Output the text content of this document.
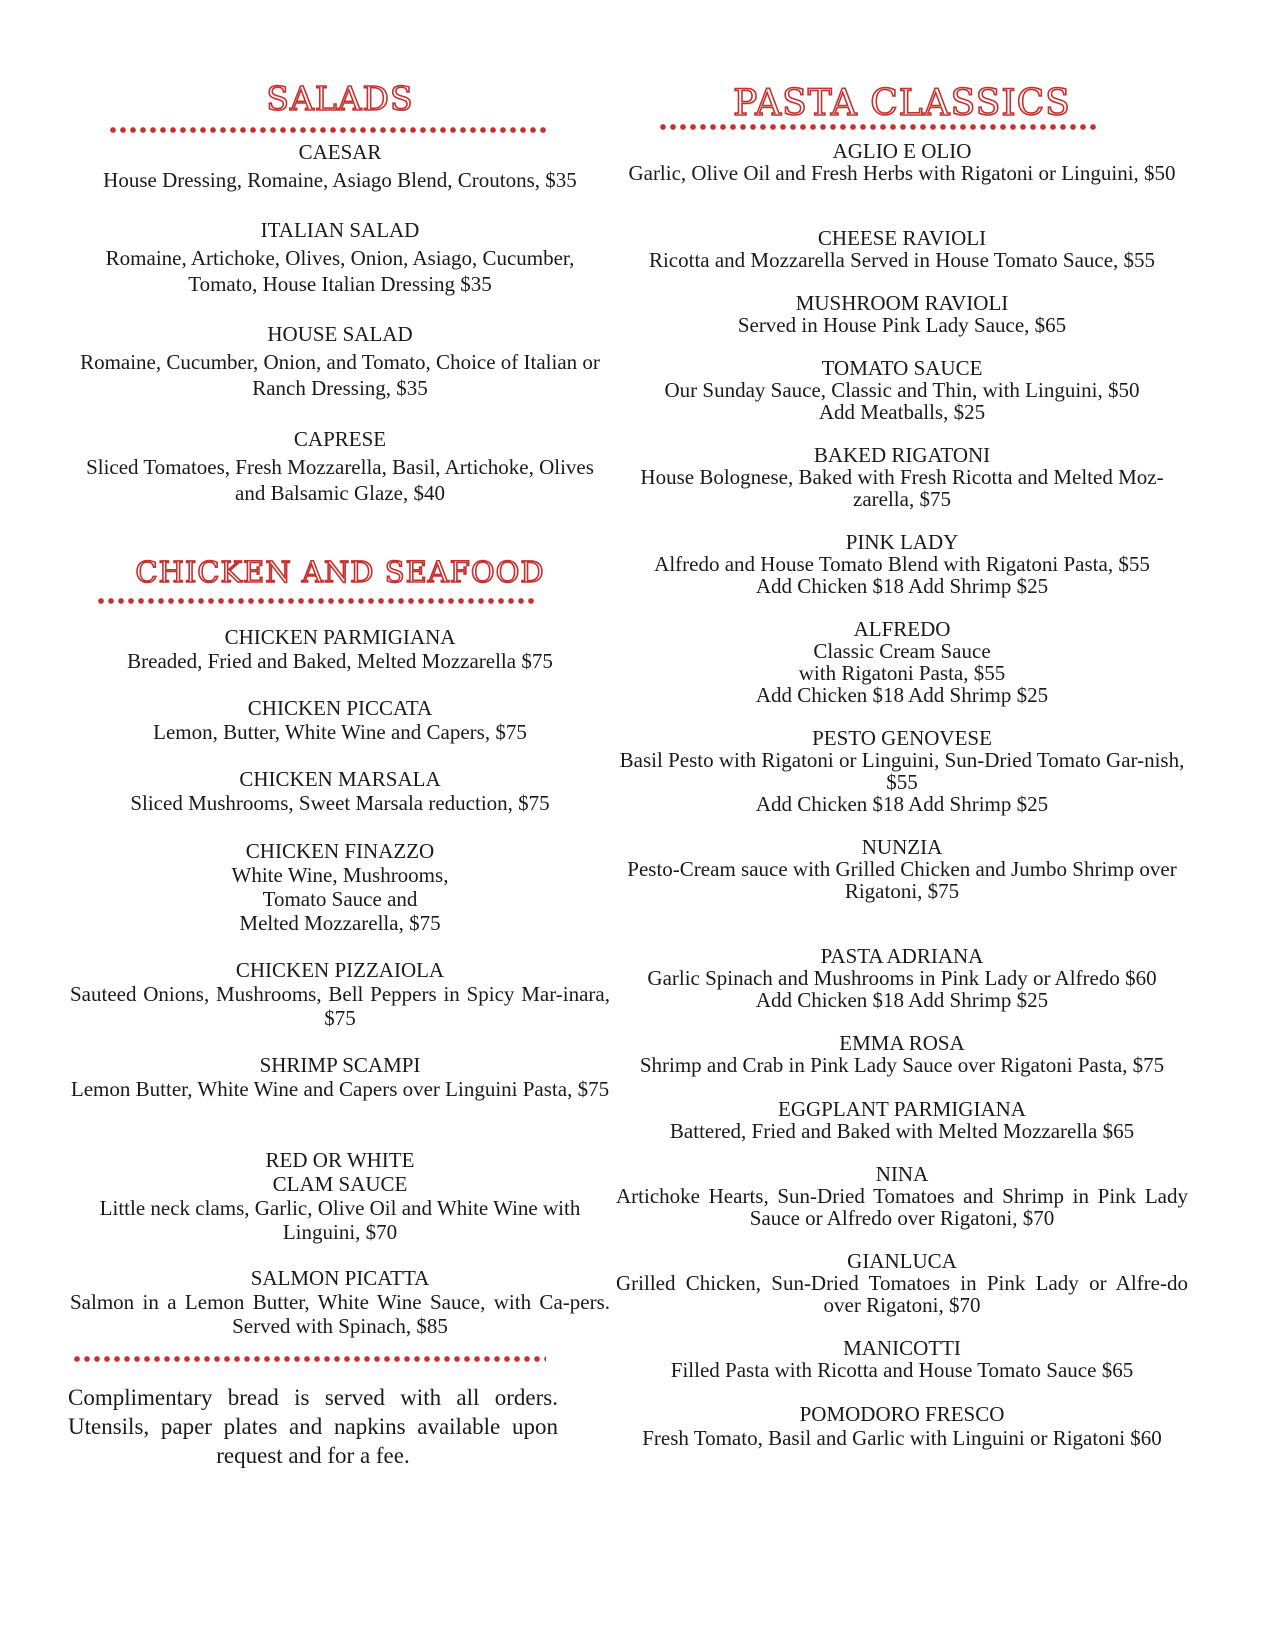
SALADS
CAESAR
House Dressing, Romaine, Asiago Blend, Croutons, $35
ITALIAN SALAD
Romaine, Artichoke, Olives, Onion, Asiago, Cucumber, Tomato, House Italian Dressing $35
HOUSE SALAD
Romaine, Cucumber, Onion, and Tomato, Choice of Italian or Ranch Dressing, $35
CAPRESE
Sliced Tomatoes, Fresh Mozzarella, Basil, Artichoke, Olives and Balsamic Glaze, $40
CHICKEN AND SEAFOOD
CHICKEN PARMIGIANA
Breaded, Fried and Baked, Melted Mozzarella $75
CHICKEN PICCATA
Lemon, Butter, White Wine and Capers, $75
CHICKEN MARSALA
Sliced Mushrooms, Sweet Marsala reduction, $75
CHICKEN FINAZZO
White Wine, Mushrooms,
Tomato Sauce and
Melted Mozzarella, $75
CHICKEN PIZZAIOLA
Sauteed Onions, Mushrooms, Bell Peppers in Spicy Mar-inara, $75
SHRIMP SCAMPI
Lemon Butter, White Wine and Capers over Linguini Pasta, $75
RED OR WHITE
CLAM SAUCE
Little neck clams, Garlic, Olive Oil and White Wine with Linguini, $70
SALMON PICATTA
Salmon in a Lemon Butter, White Wine Sauce, with Ca-pers. Served with Spinach, $85
Complimentary bread is served with all orders. Utensils, paper plates and napkins available upon request and for a fee.
PASTA CLASSICS
AGLIO E OLIO
Garlic, Olive Oil and Fresh Herbs with Rigatoni or Linguini, $50
CHEESE RAVIOLI
Ricotta and Mozzarella Served in House Tomato Sauce, $55
MUSHROOM RAVIOLI
Served in House Pink Lady Sauce, $65
TOMATO SAUCE
Our Sunday Sauce, Classic and Thin, with Linguini, $50
Add Meatballs, $25
BAKED RIGATONI
House Bolognese, Baked with Fresh Ricotta and Melted Moz-zarella, $75
PINK LADY
Alfredo and House Tomato Blend with Rigatoni Pasta, $55
Add Chicken $18 Add Shrimp $25
ALFREDO
Classic Cream Sauce
with Rigatoni Pasta, $55
Add Chicken $18 Add Shrimp $25
PESTO GENOVESE
Basil Pesto with Rigatoni or Linguini, Sun-Dried Tomato Gar-nish, $55
Add Chicken $18 Add Shrimp $25
NUNZIA
Pesto-Cream sauce with Grilled Chicken and Jumbo Shrimp over
Rigatoni, $75
PASTA ADRIANA
Garlic Spinach and Mushrooms in Pink Lady or Alfredo $60
Add Chicken $18 Add Shrimp $25
EMMA ROSA
Shrimp and Crab in Pink Lady Sauce over Rigatoni Pasta, $75
EGGPLANT PARMIGIANA
Battered, Fried and Baked with Melted Mozzarella $65
NINA
Artichoke Hearts, Sun-Dried Tomatoes and Shrimp in Pink Lady Sauce or Alfredo over Rigatoni, $70
GIANLUCA
Grilled Chicken, Sun-Dried Tomatoes in Pink Lady or Alfre-do over Rigatoni, $70
MANICOTTI
Filled Pasta with Ricotta and House Tomato Sauce $65
POMODORO FRESCO
Fresh Tomato, Basil and Garlic with Linguini or Rigatoni $60
